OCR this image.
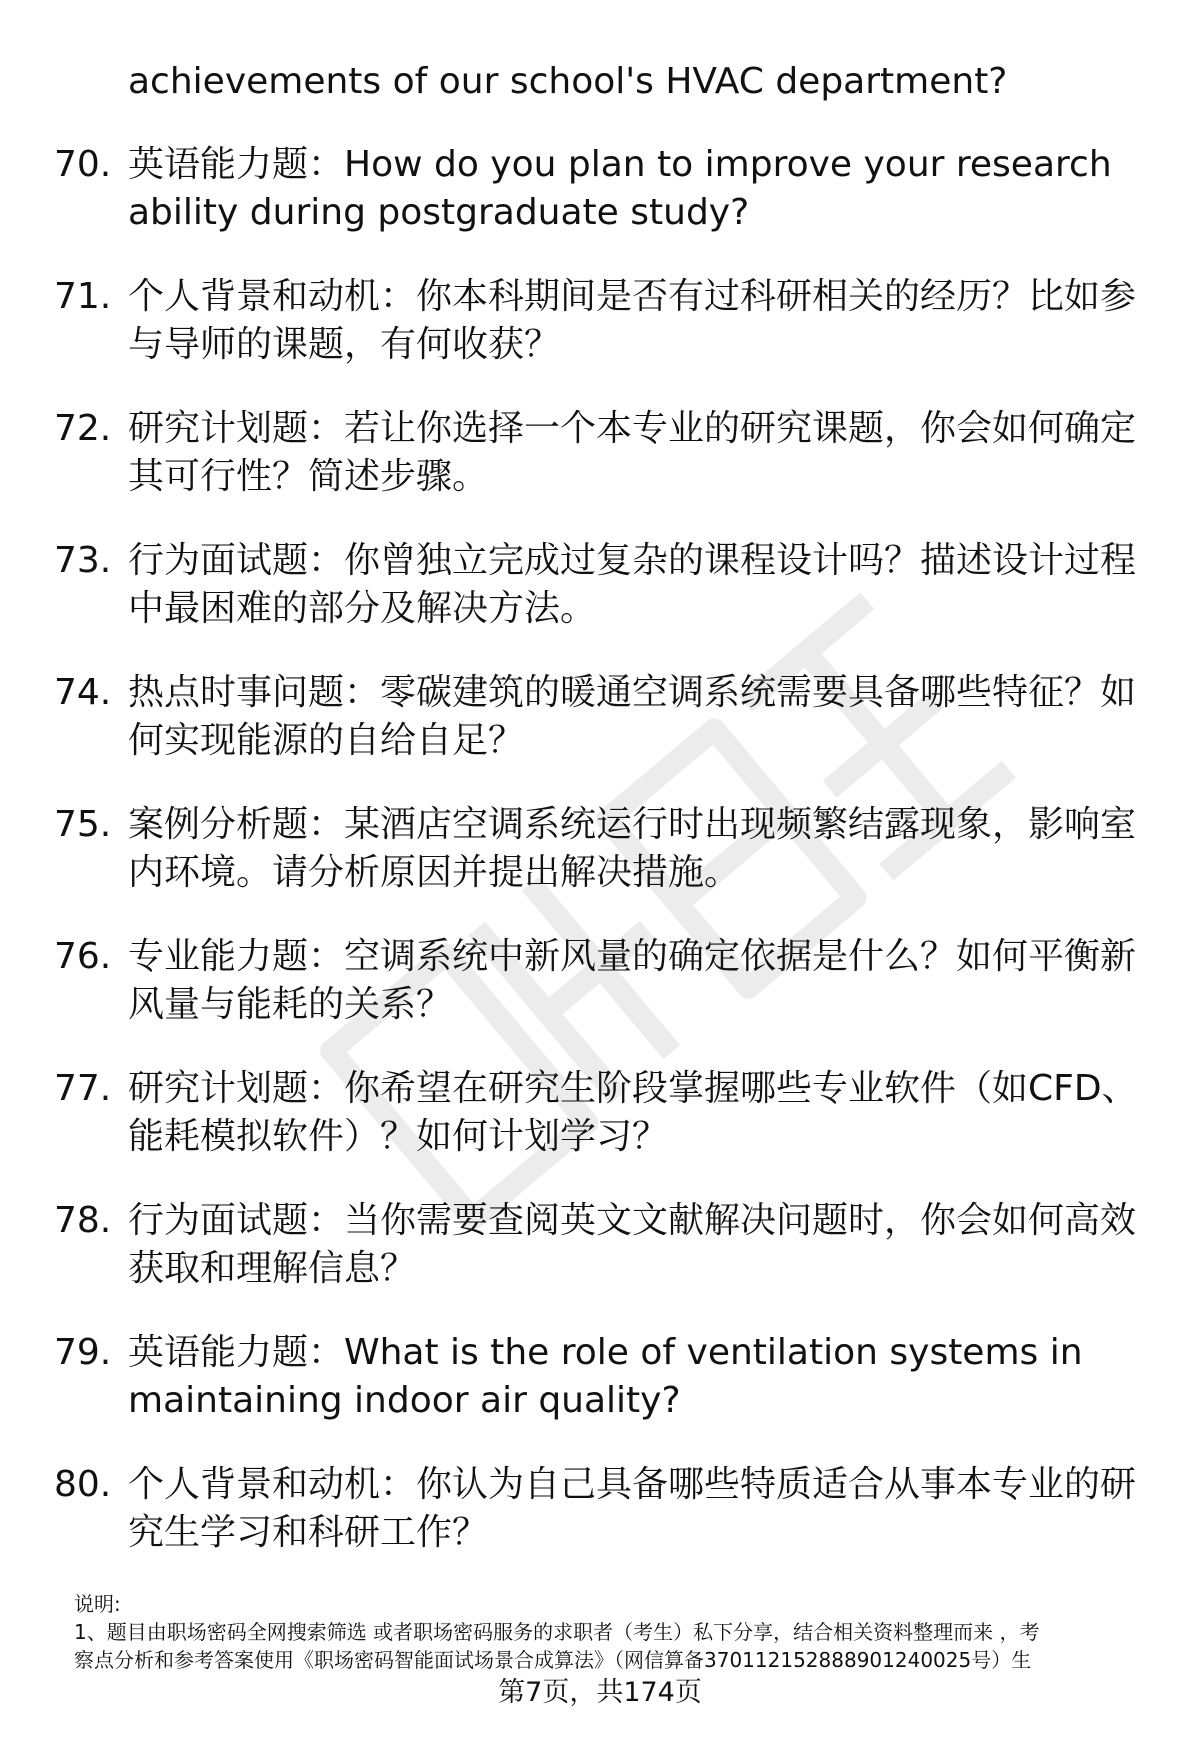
achievements of our school's HVAC department?

70. 英语能力题：How do you plan to improve your research
ability during postgraduate study?

71. 个人背景和动机：你本科期间是否有过科研相关的经历？比如参
与导师的课题，有何收获？

72. 研究计划题：若让你选择一个本专业的研究课题，你会如何确定
其可行性？简述步骤。

73. 行为面试题：你曾独立完成过复杂的课程设计吗？描述设计过程
中最困难的部分及解决方法。

74. 热点时事问题：零碳建筑的暖通空调系统需要具备哪些特征？如
何实现能源的自给自足？

75. 案例分析题：某酒店空调系统运行时出现频繁结露现象，影响室
内环境。请分析原因并提出解决措施。

76. 专业能力题：空调系统中新风量的确定依据是什么？如何平衡新
风量与能耗的关系？

77. 研究计划题：你希望在研究生阶段掌握哪些专业软件（如CFD、
能耗模拟软件）？如何计划学习？

78. 行为面试题：当你需要查阅英文文献解决问题时，你会如何高效
获取和理解信息？

79. 英语能力题：What is the role of ventilation systems in
maintaining indoor air quality?

80. 个人背景和动机：你认为自己具备哪些特质适合从事本专业的研
究生学习和科研工作？

说明:
1、题目由职场密码全网搜索筛选 或者职场密码服务的求职者（考生）私下分享，结合相关资料整理而来 ，考
察点分析和参考答案使用《职场密码智能面试场景合成算法》（网信算备37011215288890124​0025号）生
第7页，共174页
